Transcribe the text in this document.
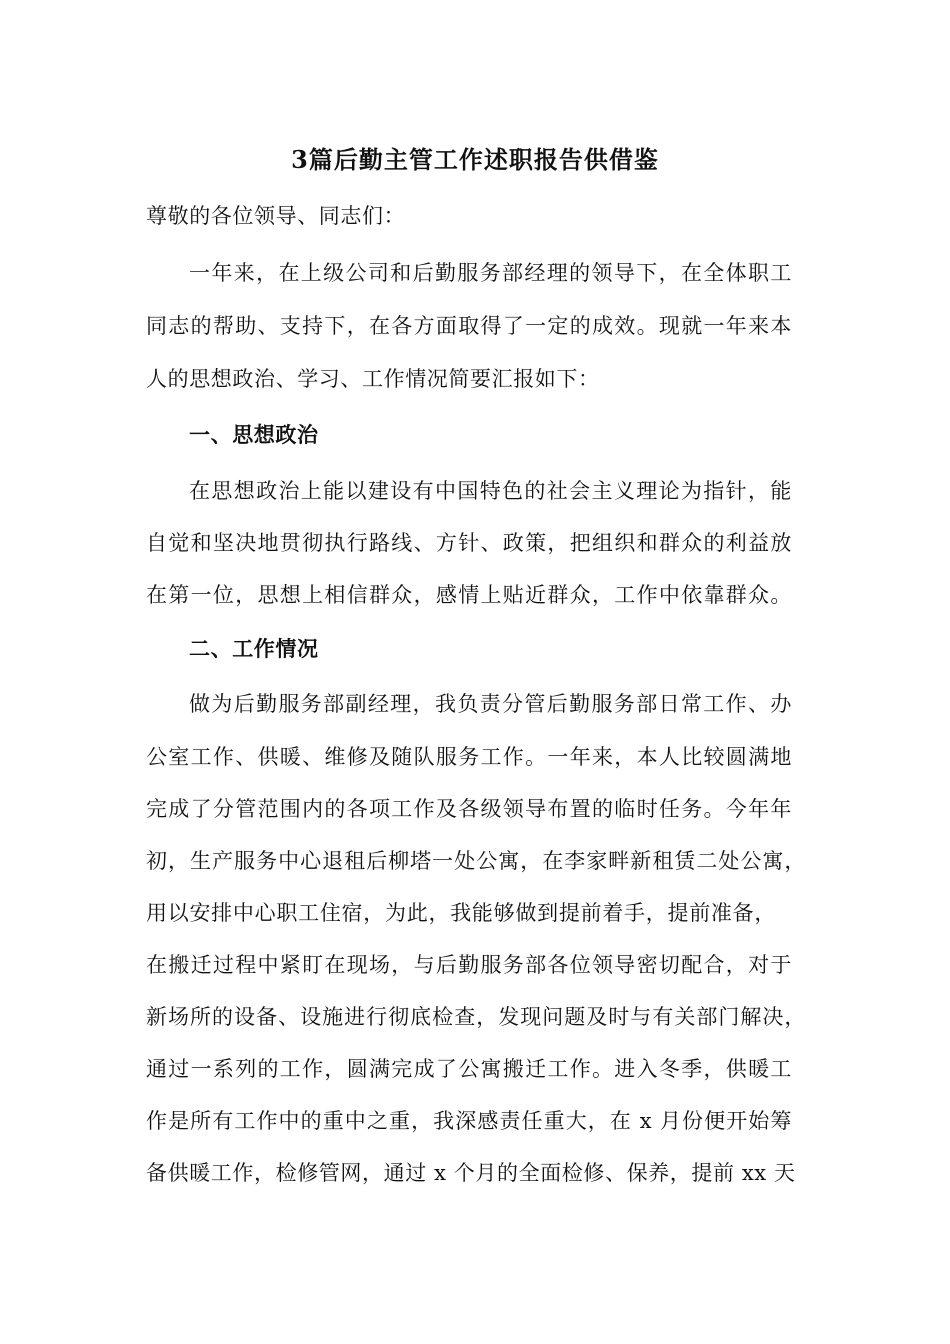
3篇后勤主管工作述职报告供借鉴
尊敬的各位领导、同志们：
一年来，在上级公司和后勤服务部经理的领导下，在全体职工
同志的帮助、支持下，在各方面取得了一定的成效。现就一年来本
人的思想政治、学习、工作情况简要汇报如下：
一、思想政治
在思想政治上能以建设有中国特色的社会主义理论为指针，能
自觉和坚决地贯彻执行路线、方针、政策，把组织和群众的利益放
在第一位，思想上相信群众，感情上贴近群众，工作中依靠群众。
二、工作情况
做为后勤服务部副经理，我负责分管后勤服务部日常工作、办
公室工作、供暖、维修及随队服务工作。一年来，本人比较圆满地
完成了分管范围内的各项工作及各级领导布置的临时任务。今年年
初，生产服务中心退租后柳塔一处公寓，在李家畔新租赁二处公寓，
用以安排中心职工住宿，为此，我能够做到提前着手，提前准备，
在搬迁过程中紧盯在现场，与后勤服务部各位领导密切配合，对于
新场所的设备、设施进行彻底检查，发现问题及时与有关部门解决，
通过一系列的工作，圆满完成了公寓搬迁工作。进入冬季，供暖工
作是所有工作中的重中之重，我深感责任重大，在 x 月份便开始筹
备供暖工作，检修管网，通过 x 个月的全面检修、保养，提前 xx 天
